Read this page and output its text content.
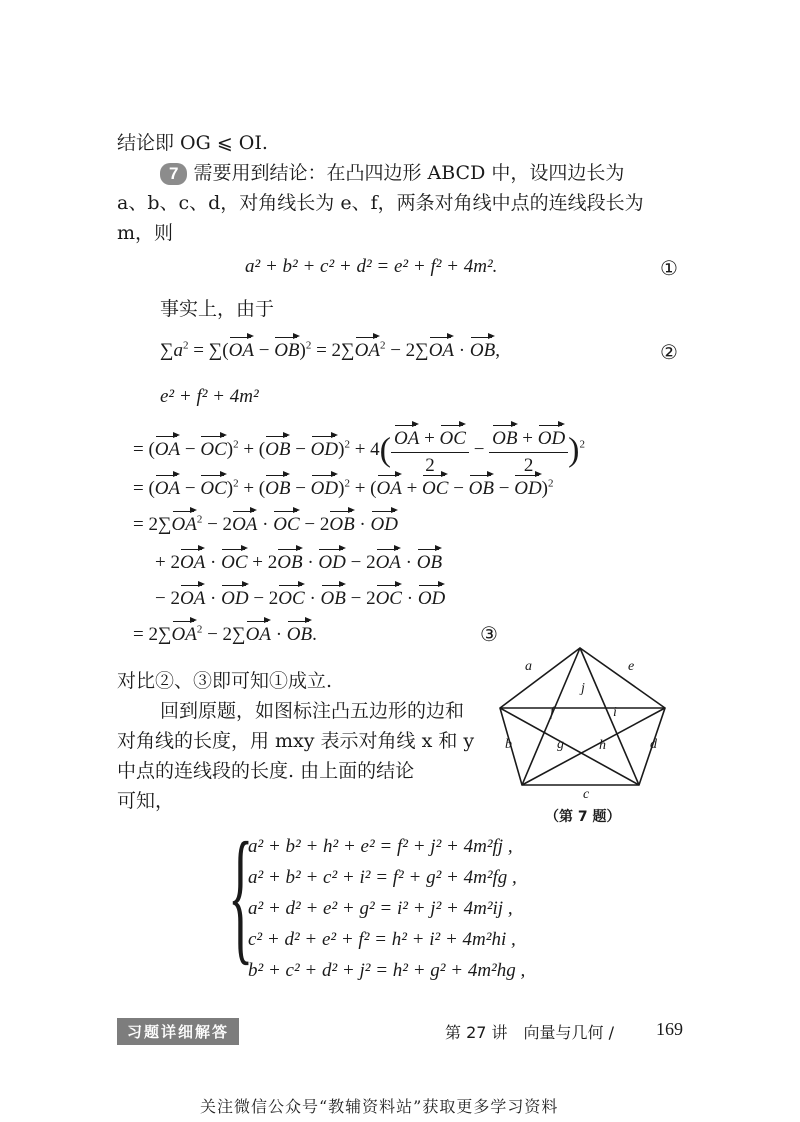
结论即 OG ⩽ OI.
7 需要用到结论：在凸四边形 ABCD 中，设四边长为
a、b、c、d，对角线长为 e、f，两条对角线中点的连线段长为
m，则
a² + b² + c² + d² = e² + f² + 4m².	①
事实上，由于
$\sum a^2 = \sum(OA - OB)^2 = 2\sum OA^2 - 2\sum OA$ · OB,	②
e² + f² + 4m²
= $(OA - OC)^2 + (OB - OD)^2 + 4( \frac{OA + OC}{2} - \frac{OB + OD}{2} )^2$
= (OA − OC)$^2$ + (OB − OD)$^2$ + (OA + OC − OB − OD)$^2$
= $2\sum OA^2 - 2OA$ · OC − 2OB · OD
+ 2OA · OC + 2OB · OD − 2OA · OB
− 2OA · OD − 2OC · OB − 2OC · OD
= $2\sum OA^2 - 2\sum OA$ · OB.	③
对比②、③即可知①成立.
回到原题，如图标注凸五边形的边和
对角线的长度，用 mxy 表示对角线 x 和 y
中点的连线段的长度. 由上面的结论
可知，
a	e
j
f	i
b	g	h	d
c
（第 7 题）
{
a² + b² + h² + e² = f² + j² + 4m²fj ,
a² + b² + c² + i² = f² + g² + 4m²fg ,
a² + d² + e² + g² = i² + j² + 4m²ij ,
c² + d² + e² + f² = h² + i² + 4m²hi ,
b² + c² + d² + j² = h² + g² + 4m²hg ,
习题详细解答	第 27 讲　向量与几何 / 169
关注微信公众号“教辅资料站”获取更多学习资料
